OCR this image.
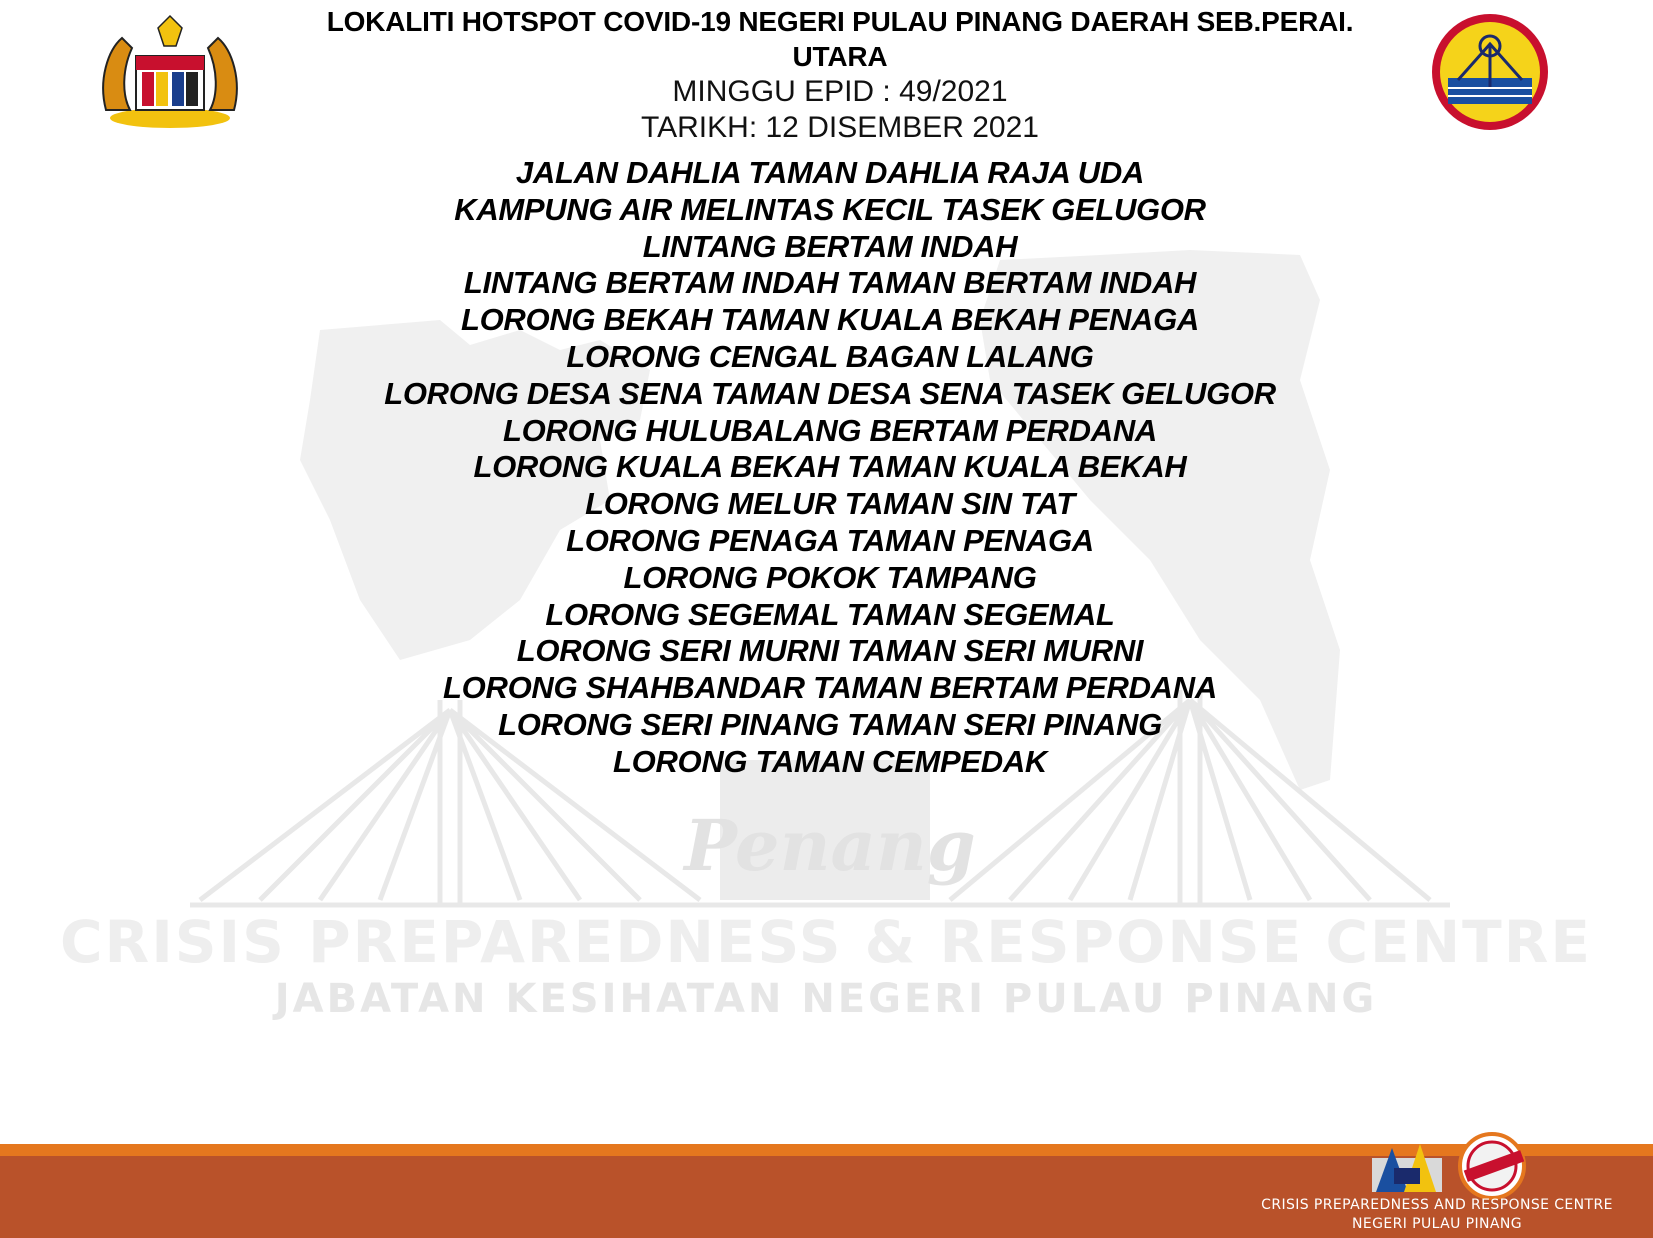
Penang
CRISIS PREPAREDNESS & RESPONSE CENTRE
JABATAN KESIHATAN NEGERI PULAU PINANG
LOKALITI HOTSPOT COVID-19 NEGERI PULAU PINANG DAERAH SEB.PERAI.
UTARA
MINGGU EPID : 49/2021
TARIKH: 12 DISEMBER 2021
JALAN DAHLIA TAMAN DAHLIA RAJA UDA
KAMPUNG AIR MELINTAS KECIL TASEK GELUGOR
LINTANG BERTAM INDAH
LINTANG BERTAM INDAH TAMAN BERTAM INDAH
LORONG BEKAH TAMAN KUALA BEKAH PENAGA
LORONG CENGAL BAGAN LALANG
LORONG DESA SENA TAMAN DESA SENA TASEK GELUGOR
LORONG HULUBALANG BERTAM PERDANA
LORONG KUALA BEKAH TAMAN KUALA BEKAH
LORONG MELUR TAMAN SIN TAT
LORONG PENAGA TAMAN PENAGA
LORONG POKOK TAMPANG
LORONG SEGEMAL TAMAN SEGEMAL
LORONG SERI MURNI TAMAN SERI MURNI
LORONG SHAHBANDAR TAMAN BERTAM PERDANA
LORONG SERI PINANG TAMAN SERI PINANG
LORONG TAMAN CEMPEDAK
CRISIS PREPAREDNESS AND RESPONSE CENTRE
NEGERI PULAU PINANG
